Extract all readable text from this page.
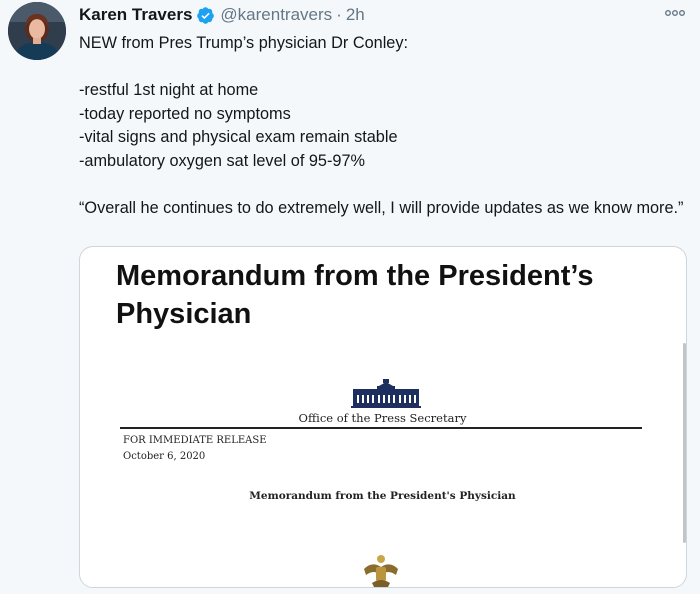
Karen Travers @karentravers · 2h

NEW from Pres Trump’s physician Dr Conley:

-restful 1st night at home

-today reported no symptoms

-vital signs and physical exam remain stable

-ambulatory oxygen sat level of 95-97%

“Overall he continues to do extremely well, I will provide updates as we know more.”

Memorandum from the President’s Physician
Office of the Press Secretary
FOR IMMEDIATE RELEASE
October 6, 2020
Memorandum from the President's Physician
